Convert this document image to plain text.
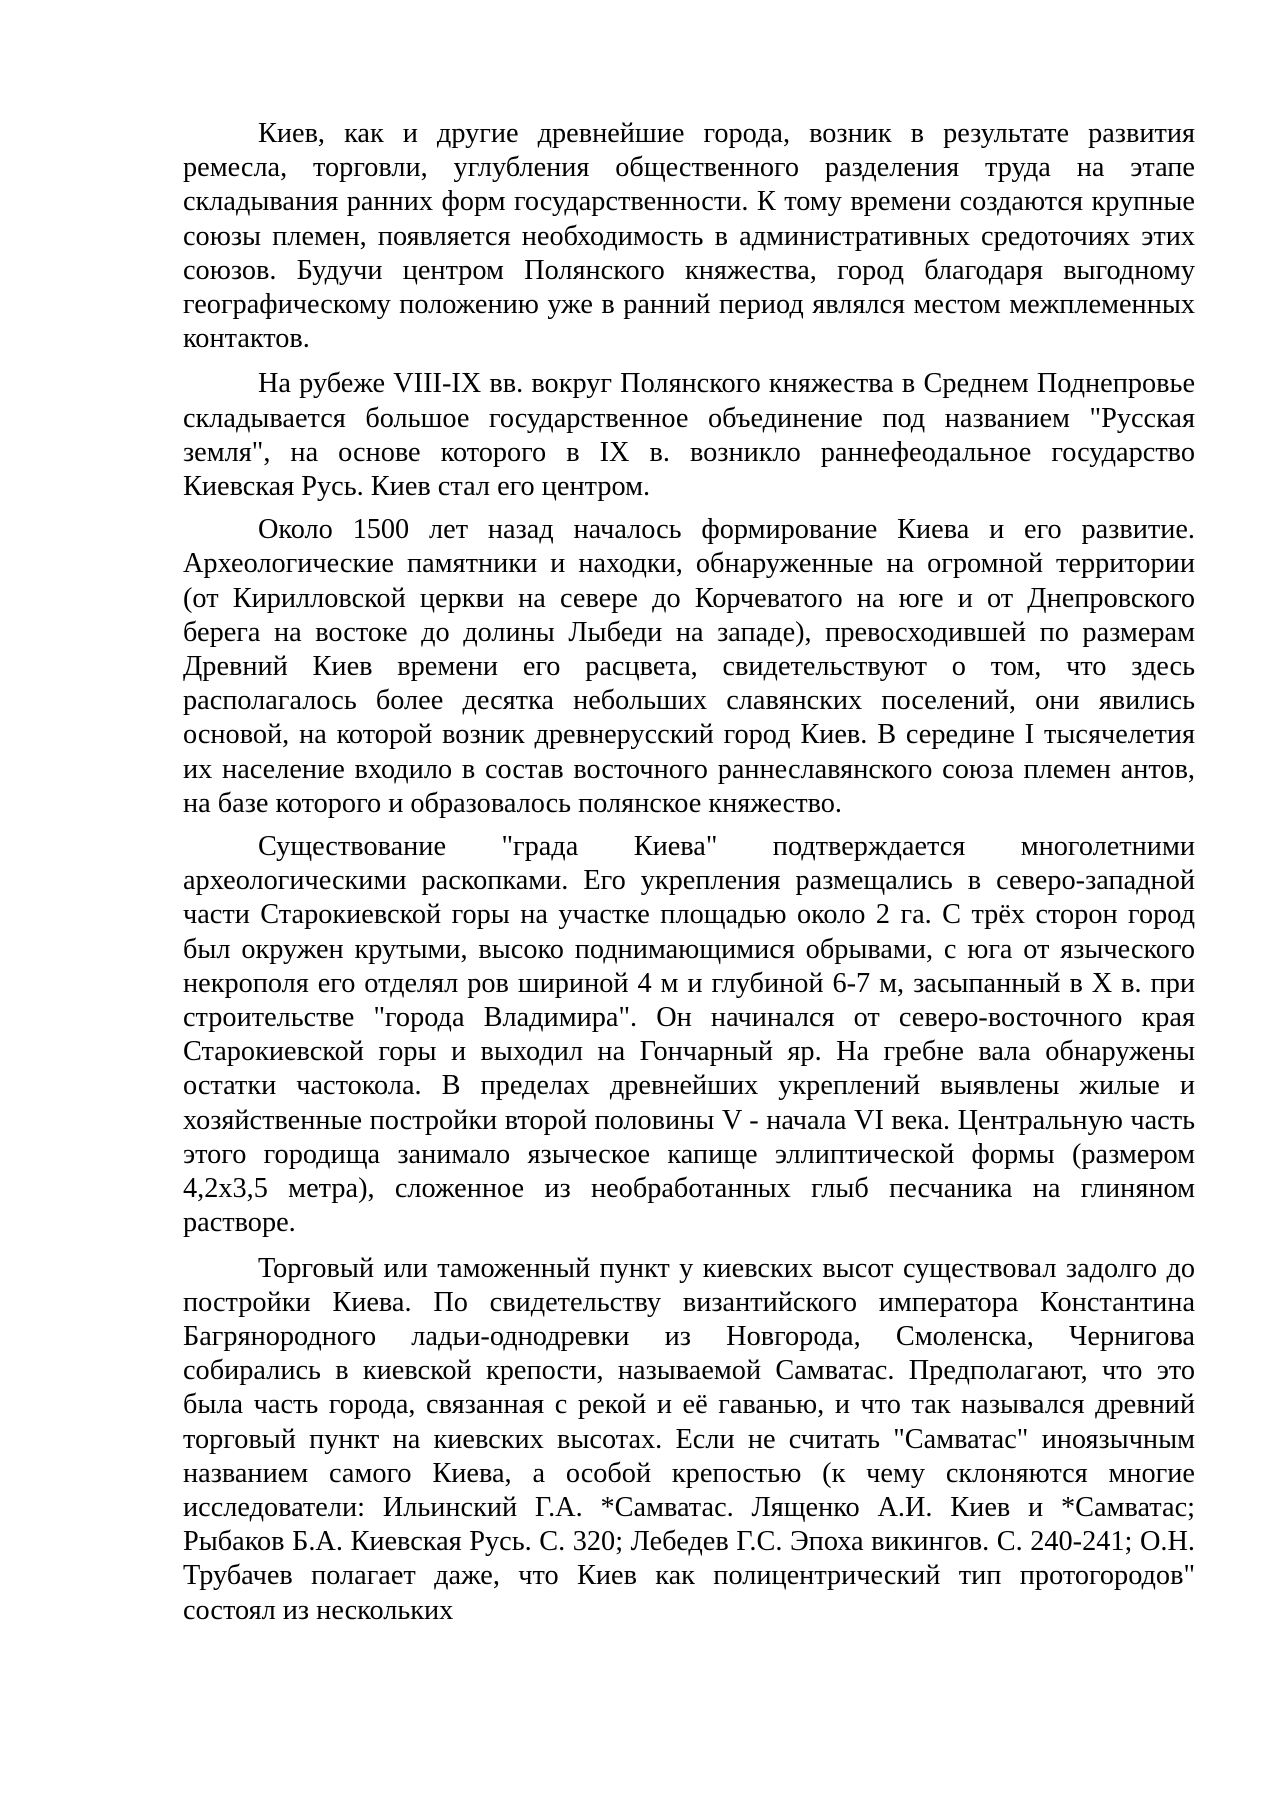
Киев, как и другие древнейшие города, возник в результате развития ремесла, торговли, углубления общественного разделения труда на этапе складывания ранних форм государственности. К тому времени создаются крупные союзы племен, появляется необходимость в административных средоточиях этих союзов. Будучи центром Полянского княжества, город благодаря выгодному географическому положению уже в ранний период являлся местом межплеменных контактов.

На рубеже VIII-IX вв. вокруг Полянского княжества в Среднем Поднепровье складывается большое государственное объединение под названием "Русская земля", на основе которого в IX в. возникло раннефеодальное государство Киевская Русь. Киев стал его центром.

Около 1500 лет назад началось формирование Киева и его развитие. Археологические памятники и находки, обнаруженные на огромной территории (от Кирилловской церкви на севере до Корчеватого на юге и от Днепровского берега на востоке до долины Лыбеди на западе), превосходившей по размерам Древний Киев времени его расцвета, свидетельствуют о том, что здесь располагалось более десятка небольших славянских поселений, они явились основой, на которой возник древнерусский город Киев. В середине I тысячелетия их население входило в состав восточного раннеславянского союза племен антов, на базе которого и образовалось полянское княжество.

Существование "града Киева" подтверждается многолетними археологическими раскопками. Его укрепления размещались в северо-западной части Старокиевской горы на участке площадью около 2 га. С трёх сторон город был окружен крутыми, высоко поднимающимися обрывами, с юга от языческого некрополя его отделял ров шириной 4 м и глубиной 6-7 м, засыпанный в X в. при строительстве "города Владимира". Он начинался от северо-восточного края Старокиевской горы и выходил на Гончарный яр. На гребне вала обнаружены остатки частокола. В пределах древнейших укреплений выявлены жилые и хозяйственные постройки второй половины V - начала VI века. Центральную часть этого городища занимало языческое капище эллиптической формы (размером 4,2х3,5 метра), сложенное из необработанных глыб песчаника на глиняном растворе.

Торговый или таможенный пункт у киевских высот существовал задолго до постройки Киева. По свидетельству византийского императора Константина Багрянородного ладьи-однодревки из Новгорода, Смоленска, Чернигова собирались в киевской крепости, называемой Самватас. Предполагают, что это была часть города, связанная с рекой и её гаванью, и что так назывался древний торговый пункт на киевских высотах. Если не считать "Самватас" иноязычным названием самого Киева, а особой крепостью (к чему склоняются многие исследователи: Ильинский Г.А. *Самватас. Лященко А.И. Киев и *Самватас; Рыбаков Б.А. Киевская Русь. С. 320; Лебедев Г.С. Эпоха викингов. С. 240-241; О.Н. Трубачев полагает даже, что Киев как полицентрический тип протогородов" состоял из нескольких
